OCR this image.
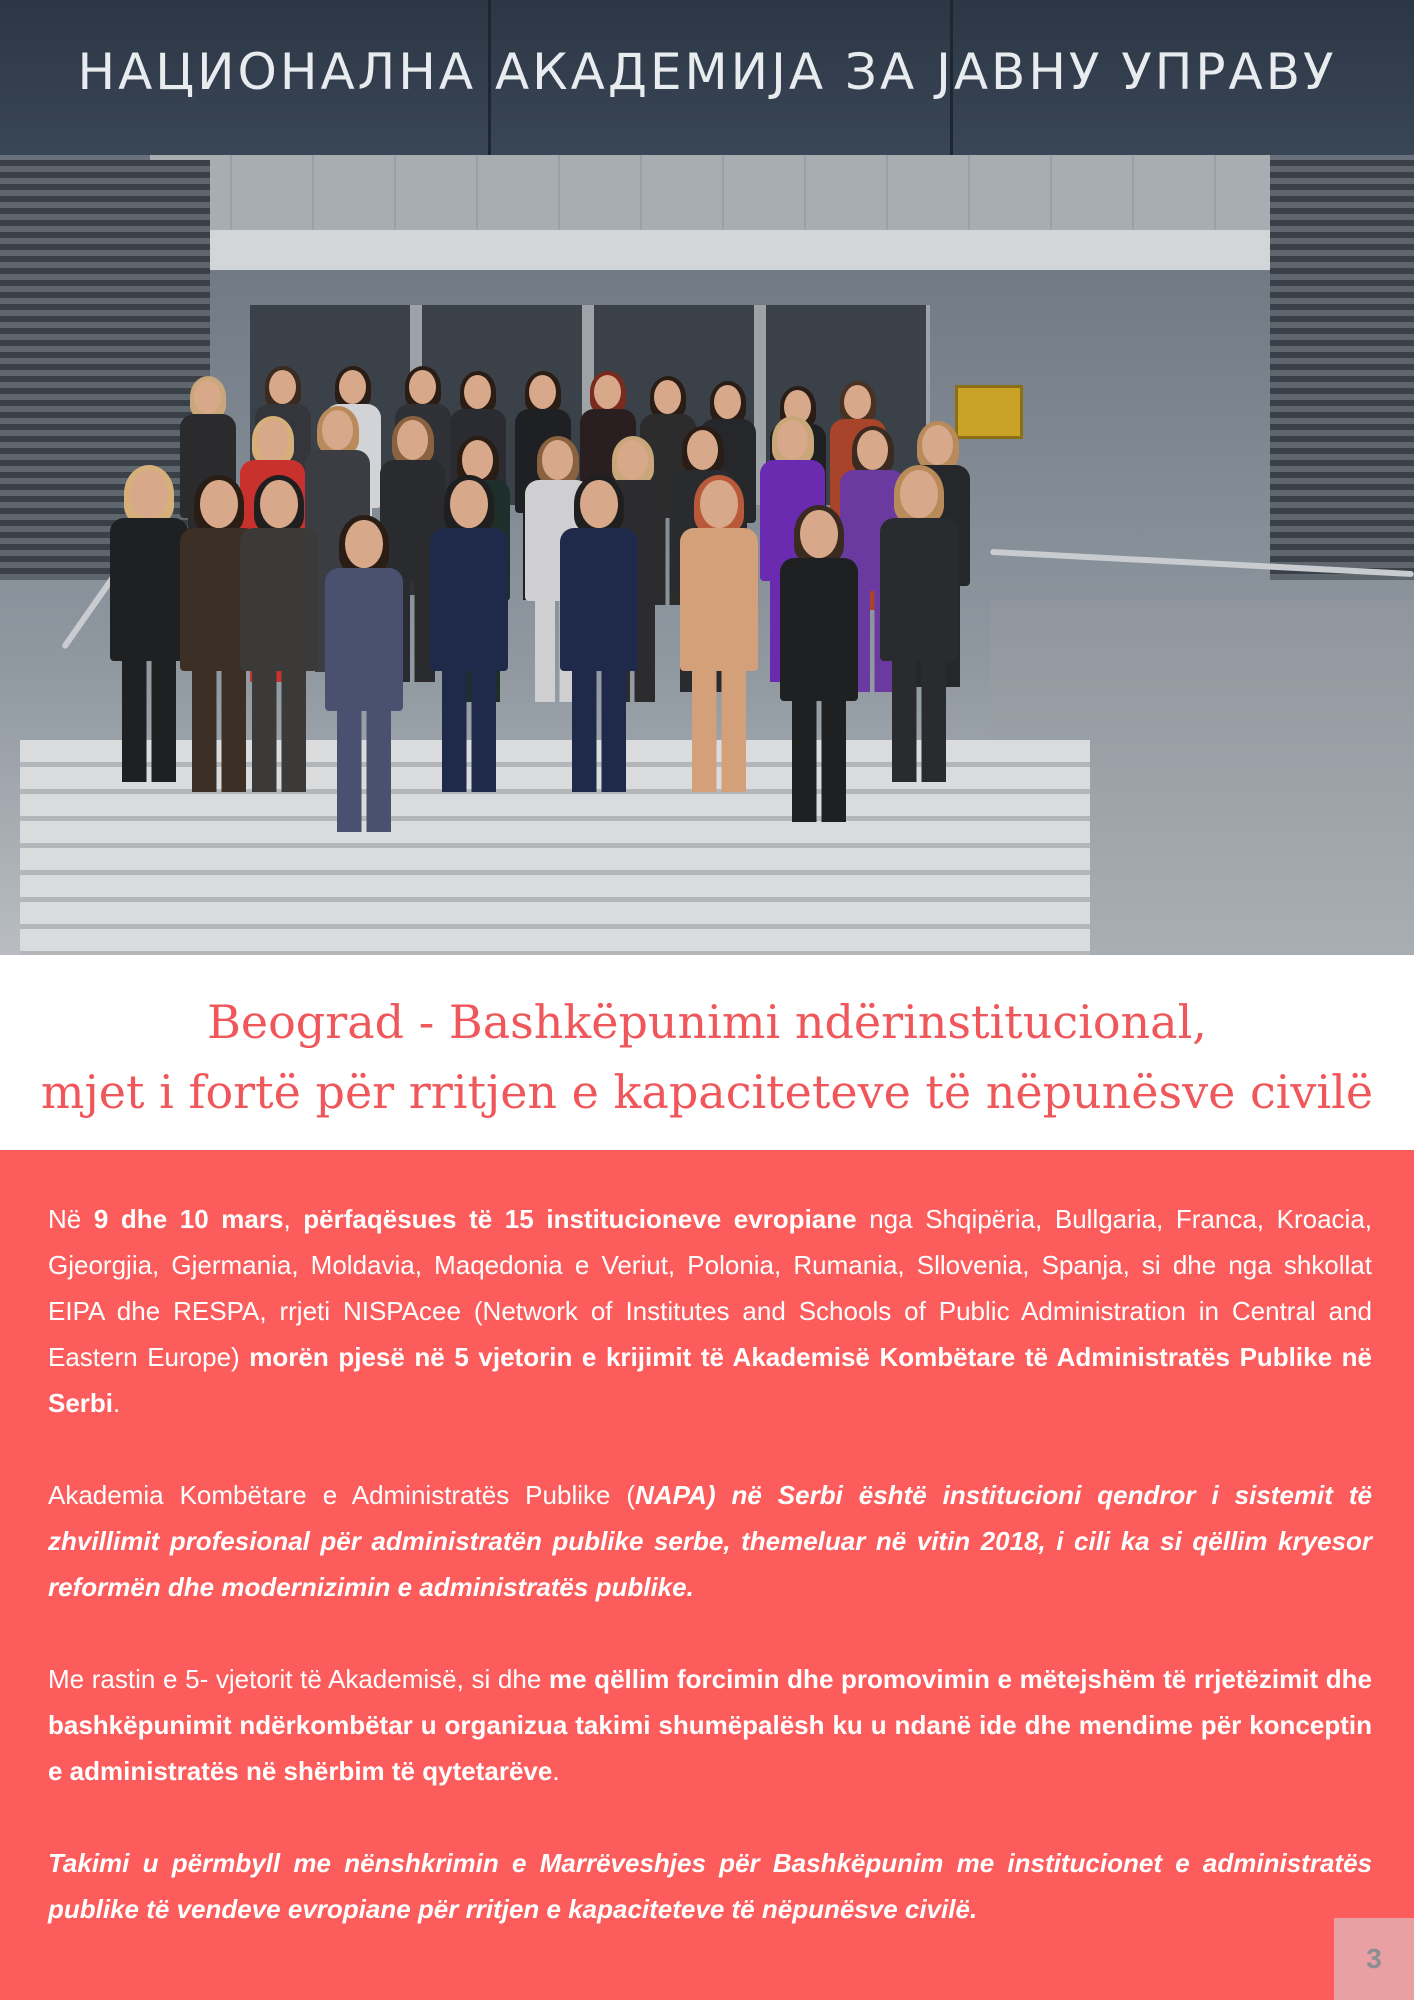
НАЦИОНАЛНА АКАДЕМИЈА ЗА ЈАВНУ УПРАВУ
Beograd - Bashkëpunimi ndërinstitucional,
mjet i fortë për rritjen e kapaciteteve të nëpunësve civilë

Në 9 dhe 10 mars, përfaqësues të 15 institucioneve evropiane nga Shqipëria, Bullgaria, Franca, Kroacia, Gjeorgjia, Gjermania, Moldavia, Maqedonia e Veriut, Polonia, Rumania, Sllovenia, Spanja, si dhe nga shkollat EIPA dhe RESPA, rrjeti NISPAcee (Network of Institutes and Schools of Public Administration in Central and Eastern Europe) morën pjesë në 5 vjetorin e krijimit të Akademisë Kombëtare të Administratës Publike në Serbi.

Akademia Kombëtare e Administratës Publike (NAPA) në Serbi është institucioni qendror i sistemit të zhvillimit profesional për administratën publike serbe, themeluar në vitin 2018, i cili ka si qëllim kryesor reformën dhe modernizimin e administratës publike.

Me rastin e 5- vjetorit të Akademisë, si dhe me qëllim forcimin dhe promovimin e mëtejshëm të rrjetëzimit dhe bashkëpunimit ndërkombëtar u organizua takimi shumëpalësh ku u ndanë ide dhe mendime për konceptin e administratës në shërbim të qytetarëve.

Takimi u përmbyll me nënshkrimin e Marrëveshjes për Bashkëpunim me institucionet e administratës publike të vendeve evropiane për rritjen e kapaciteteve të nëpunësve civilë.

3
